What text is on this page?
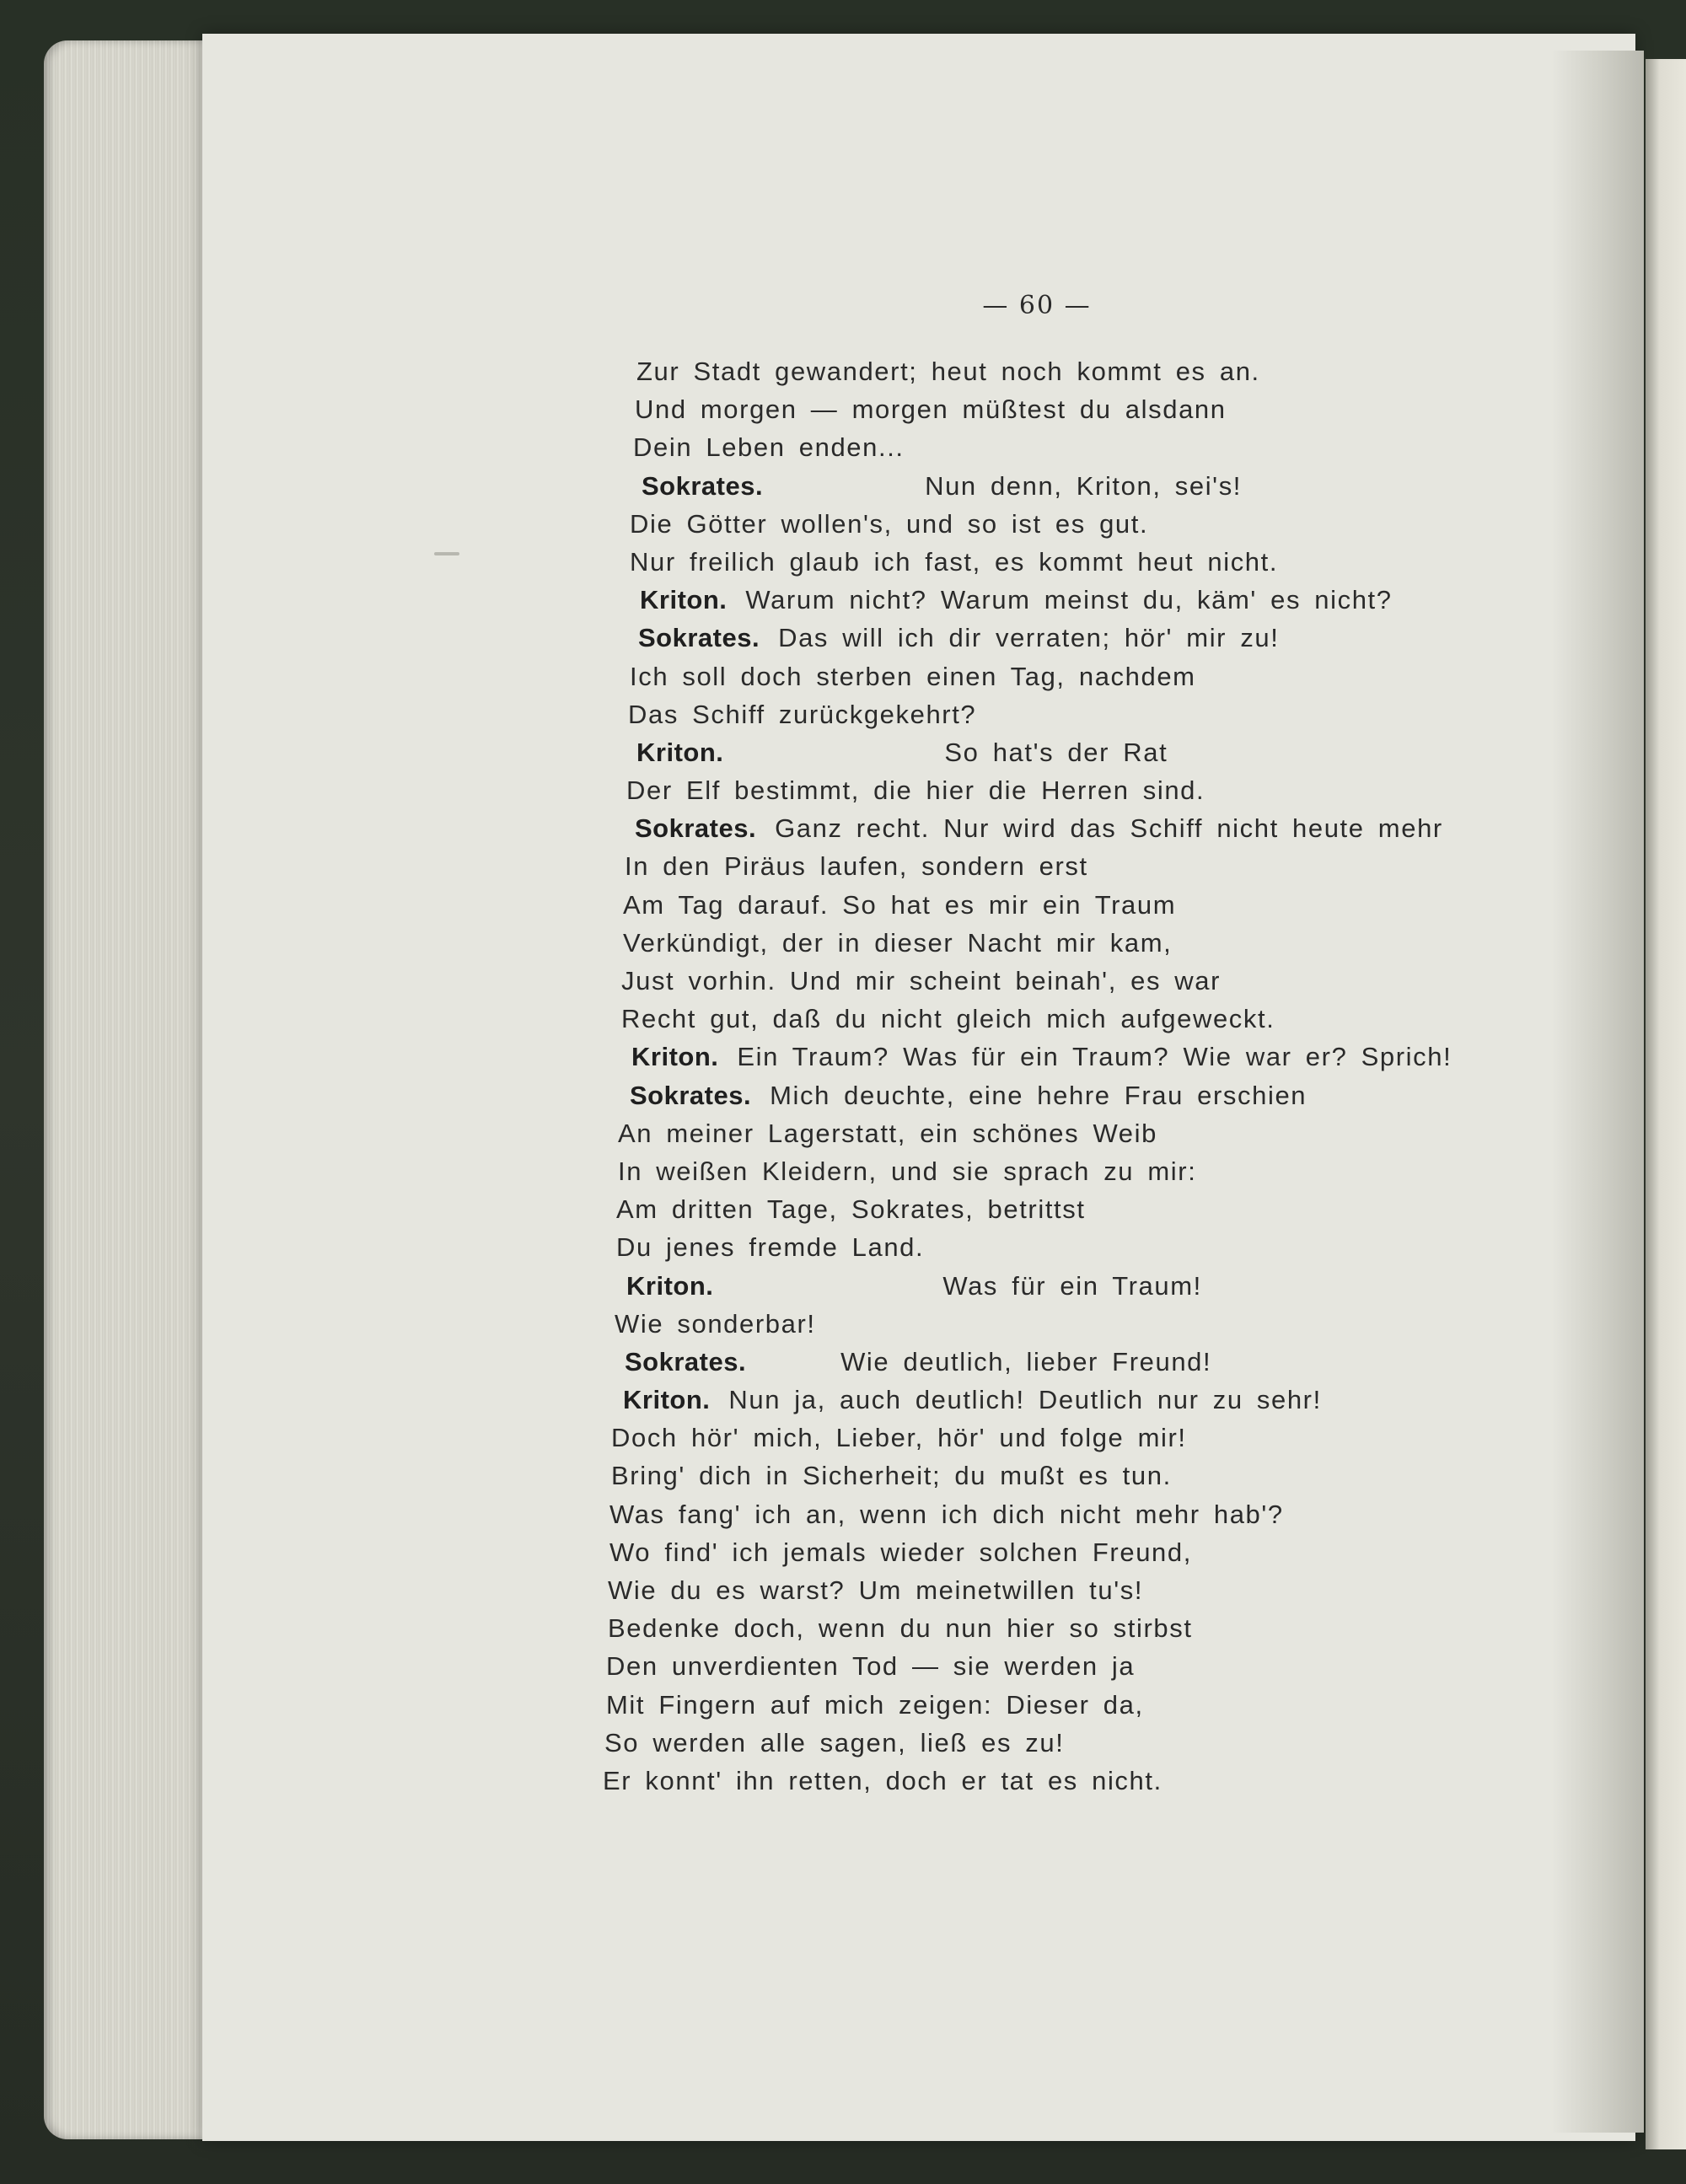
— 60 —
Zur Stadt gewandert; heut noch kommt es an.
Und morgen — morgen müßtest du alsdann
Dein Leben enden...
Sokrates.	Nun denn, Kriton, sei's!
Die Götter wollen's, und so ist es gut.
Nur freilich glaub ich fast, es kommt heut nicht.
Kriton. Warum nicht? Warum meinst du, käm' es nicht?
Sokrates. Das will ich dir verraten; hör' mir zu!
Ich soll doch sterben einen Tag, nachdem
Das Schiff zurückgekehrt?
Kriton.	So hat's der Rat
Der Elf bestimmt, die hier die Herren sind.
Sokrates. Ganz recht. Nur wird das Schiff nicht heute mehr
In den Piräus laufen, sondern erst
Am Tag darauf. So hat es mir ein Traum
Verkündigt, der in dieser Nacht mir kam,
Just vorhin. Und mir scheint beinah', es war
Recht gut, daß du nicht gleich mich aufgeweckt.
Kriton. Ein Traum? Was für ein Traum? Wie war er? Sprich!
Sokrates. Mich deuchte, eine hehre Frau erschien
An meiner Lagerstatt, ein schönes Weib
In weißen Kleidern, und sie sprach zu mir:
Am dritten Tage, Sokrates, betrittst
Du jenes fremde Land.
Kriton.	Was für ein Traum!
Wie sonderbar!
Sokrates.	Wie deutlich, lieber Freund!
Kriton. Nun ja, auch deutlich! Deutlich nur zu sehr!
Doch hör' mich, Lieber, hör' und folge mir!
Bring' dich in Sicherheit; du mußt es tun.
Was fang' ich an, wenn ich dich nicht mehr hab'?
Wo find' ich jemals wieder solchen Freund,
Wie du es warst? Um meinetwillen tu's!
Bedenke doch, wenn du nun hier so stirbst
Den unverdienten Tod — sie werden ja
Mit Fingern auf mich zeigen: Dieser da,
So werden alle sagen, ließ es zu!
Er konnt' ihn retten, doch er tat es nicht.
